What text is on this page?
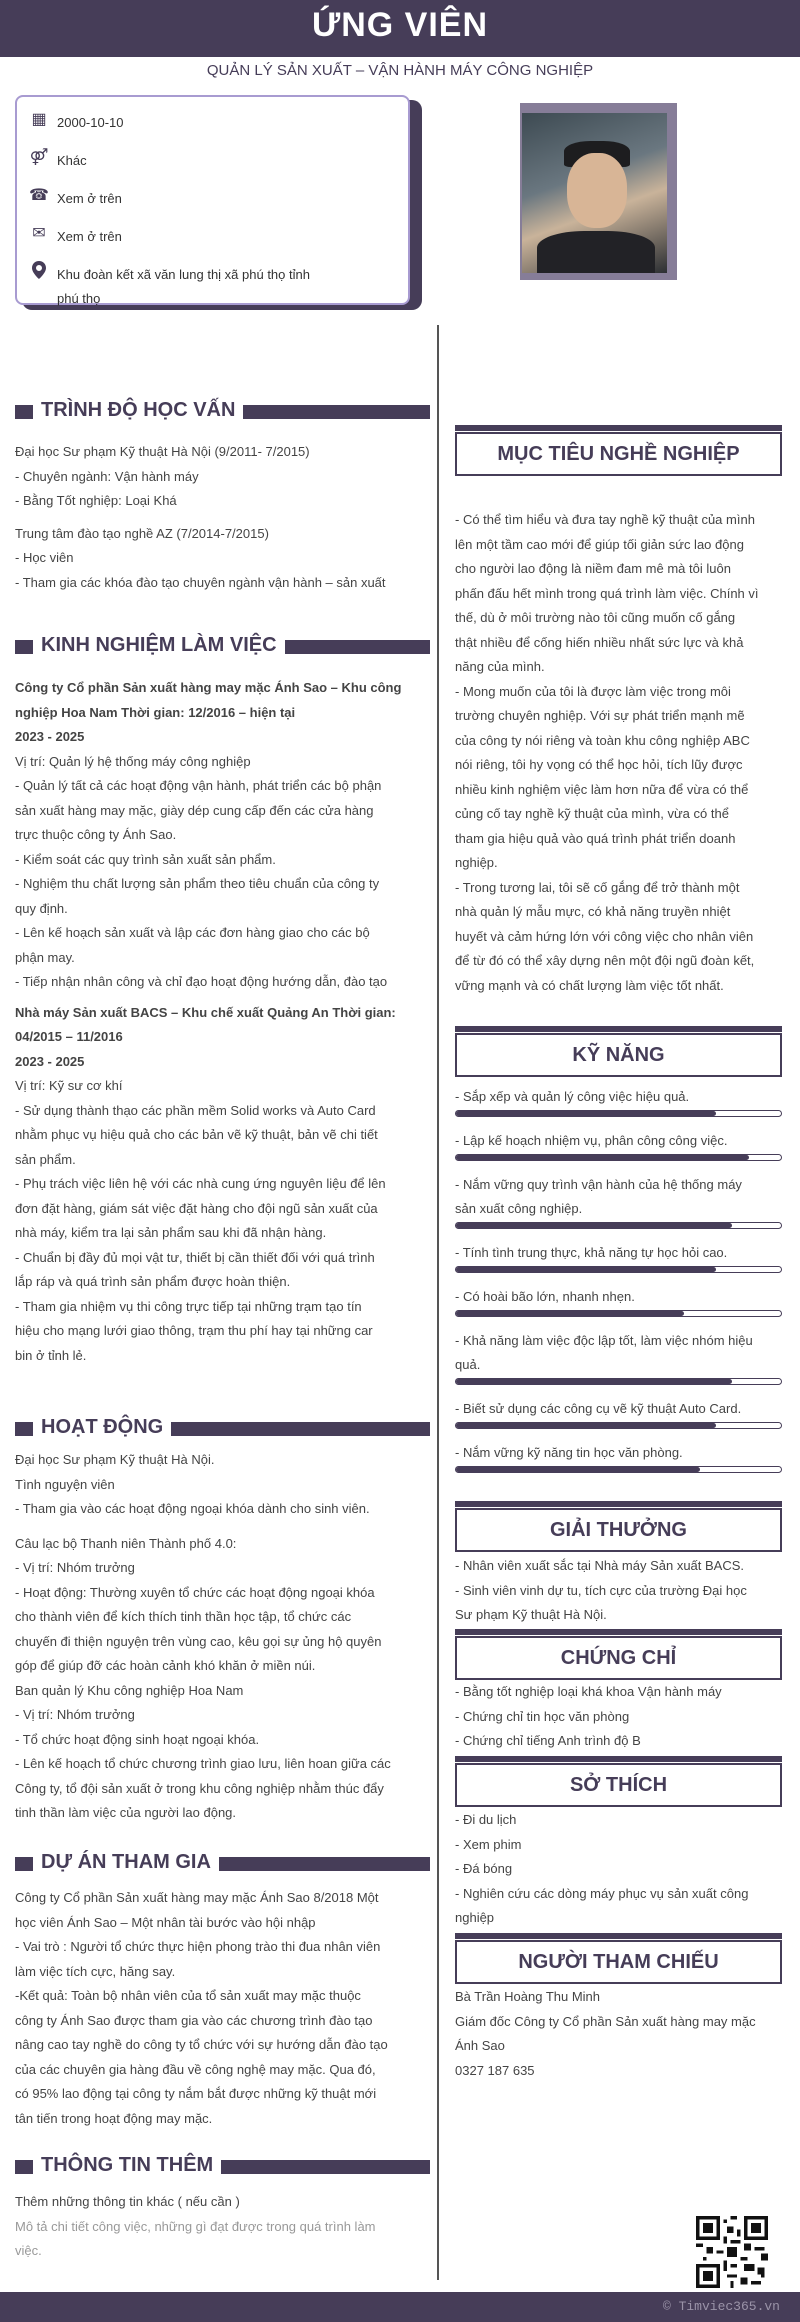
ỨNG VIÊN
QUẢN LÝ SẢN XUẤT – VẬN HÀNH MÁY CÔNG NGHIỆP
▦ 2000-10-10
⚤ Khác
☎ Xem ở trên
✉ Xem ở trên
Khu đoàn kết xã văn lung thị xã phú thọ tỉnh
phú thọ
TRÌNH ĐỘ HỌC VẤN

Đại học Sư phạm Kỹ thuật Hà Nội (9/2011- 7/2015)

- Chuyên ngành: Vận hành máy

- Bằng Tốt nghiệp: Loại Khá

Trung tâm đào tạo nghề AZ (7/2014-7/2015)

- Học viên

- Tham gia các khóa đào tạo chuyên ngành vận hành – sản xuất

KINH NGHIỆM LÀM VIỆC

Công ty Cổ phần Sản xuất hàng may mặc Ánh Sao – Khu công

nghiệp Hoa Nam Thời gian: 12/2016 – hiện tại

2023 - 2025

Vị trí: Quản lý hệ thống máy công nghiệp

- Quản lý tất cả các hoạt động vận hành, phát triển các bộ phận

sản xuất hàng may mặc, giày dép cung cấp đến các cửa hàng

trực thuộc công ty Ánh Sao.

- Kiểm soát các quy trình sản xuất sản phẩm.

- Nghiệm thu chất lượng sản phẩm theo tiêu chuẩn của công ty

quy định.

- Lên kế hoạch sản xuất và lập các đơn hàng giao cho các bộ

phận may.

- Tiếp nhận nhân công và chỉ đạo hoạt động hướng dẫn, đào tạo

Nhà máy Sản xuất BACS – Khu chế xuất Quảng An Thời gian:

04/2015 – 11/2016

2023 - 2025

Vị trí: Kỹ sư cơ khí

- Sử dụng thành thạo các phần mềm Solid works và Auto Card

nhằm phục vụ hiệu quả cho các bản vẽ kỹ thuật, bản vẽ chi tiết

sản phẩm.

- Phụ trách việc liên hệ với các nhà cung ứng nguyên liệu để lên

đơn đặt hàng, giám sát việc đặt hàng cho đội ngũ sản xuất của

nhà máy, kiểm tra lại sản phẩm sau khi đã nhận hàng.

- Chuẩn bị đầy đủ mọi vật tư, thiết bị cần thiết đối với quá trình

lắp ráp và quá trình sản phẩm được hoàn thiện.

- Tham gia nhiệm vụ thi công trực tiếp tại những trạm tạo tín

hiệu cho mạng lưới giao thông, trạm thu phí hay tại những car

bin ở tỉnh lẻ.

HOẠT ĐỘNG

Đại học Sư phạm Kỹ thuật Hà Nội.

Tình nguyện viên

- Tham gia vào các hoạt động ngoại khóa dành cho sinh viên.

Câu lạc bộ Thanh niên Thành phố 4.0:

- Vị trí: Nhóm trưởng

- Hoạt động: Thường xuyên tổ chức các hoạt động ngoại khóa

cho thành viên để kích thích tinh thần học tập, tổ chức các

chuyến đi thiện nguyện trên vùng cao, kêu gọi sự ủng hộ quyên

góp để giúp đỡ các hoàn cảnh khó khăn ở miền núi.

Ban quản lý Khu công nghiệp Hoa Nam

- Vị trí: Nhóm trưởng

- Tổ chức hoạt động sinh hoạt ngoại khóa.

- Lên kế hoạch tổ chức chương trình giao lưu, liên hoan giữa các

Công ty, tổ đội sản xuất ở trong khu công nghiệp nhằm thúc đẩy

tinh thần làm việc của người lao động.

DỰ ÁN THAM GIA

Công ty Cổ phần Sản xuất hàng may mặc Ánh Sao 8/2018 Một

học viên Ánh Sao – Một nhân tài bước vào hội nhập

- Vai trò : Người tổ chức thực hiện phong trào thi đua nhân viên

làm việc tích cực, hăng say.

-Kết quả: Toàn bộ nhân viên của tổ sản xuất may mặc thuộc

công ty Ánh Sao được tham gia vào các chương trình đào tạo

nâng cao tay nghề do công ty tổ chức với sự hướng dẫn đào tạo

của các chuyên gia hàng đầu về công nghệ may mặc. Qua đó,

có 95% lao động tại công ty nắm bắt được những kỹ thuật mới

tân tiến trong hoạt động may mặc.

THÔNG TIN THÊM

Thêm những thông tin khác ( nếu cần )

Mô tả chi tiết công việc, những gì đạt được trong quá trình làm

việc.

MỤC TIÊU NGHỀ NGHIỆP

- Có thể tìm hiểu và đưa tay nghề kỹ thuật của mình

lên một tầm cao mới để giúp tối giản sức lao động

cho người lao động là niềm đam mê mà tôi luôn

phấn đấu hết mình trong quá trình làm việc. Chính vì

thế, dù ở môi trường nào tôi cũng muốn cố gắng

thật nhiều để cống hiến nhiều nhất sức lực và khả

năng của mình.

- Mong muốn của tôi là được làm việc trong môi

trường chuyên nghiệp. Với sự phát triển mạnh mẽ

của công ty nói riêng và toàn khu công nghiệp ABC

nói riêng, tôi hy vọng có thể học hỏi, tích lũy được

nhiều kinh nghiệm việc làm hơn nữa để vừa có thể

củng cố tay nghề kỹ thuật của mình, vừa có thể

tham gia hiệu quả vào quá trình phát triển doanh

nghiệp.

- Trong tương lai, tôi sẽ cố gắng để trở thành một

nhà quản lý mẫu mực, có khả năng truyền nhiệt

huyết và cảm hứng lớn với công việc cho nhân viên

để từ đó có thể xây dựng nên một đội ngũ đoàn kết,

vững mạnh và có chất lượng làm việc tốt nhất.

KỸ NĂNG
- Sắp xếp và quản lý công việc hiệu quả.
- Lập kế hoạch nhiệm vụ, phân công công việc.
- Nắm vững quy trình vận hành của hệ thống máy
sản xuất công nghiệp.
- Tính tình trung thực, khả năng tự học hỏi cao.
- Có hoài bão lớn, nhanh nhẹn.
- Khả năng làm việc độc lập tốt, làm việc nhóm hiệu
quả.
- Biết sử dụng các công cụ vẽ kỹ thuật Auto Card.
- Nắm vững kỹ năng tin học văn phòng.
GIẢI THƯỞNG

- Nhân viên xuất sắc tại Nhà máy Sản xuất BACS.

- Sinh viên vinh dự tu, tích cực của trường Đại học

Sư phạm Kỹ thuật Hà Nội.

CHỨNG CHỈ

- Bằng tốt nghiệp loại khá khoa Vận hành máy

- Chứng chỉ tin học văn phòng

- Chứng chỉ tiếng Anh trình độ B

SỞ THÍCH

- Đi du lịch

- Xem phim

- Đá bóng

- Nghiên cứu các dòng máy phục vụ sản xuất công

nghiệp

NGƯỜI THAM CHIẾU

Bà Trần Hoàng Thu Minh

Giám đốc Công ty Cổ phần Sản xuất hàng may mặc

Ánh Sao

0327 187 635

© Timviec365.vn
